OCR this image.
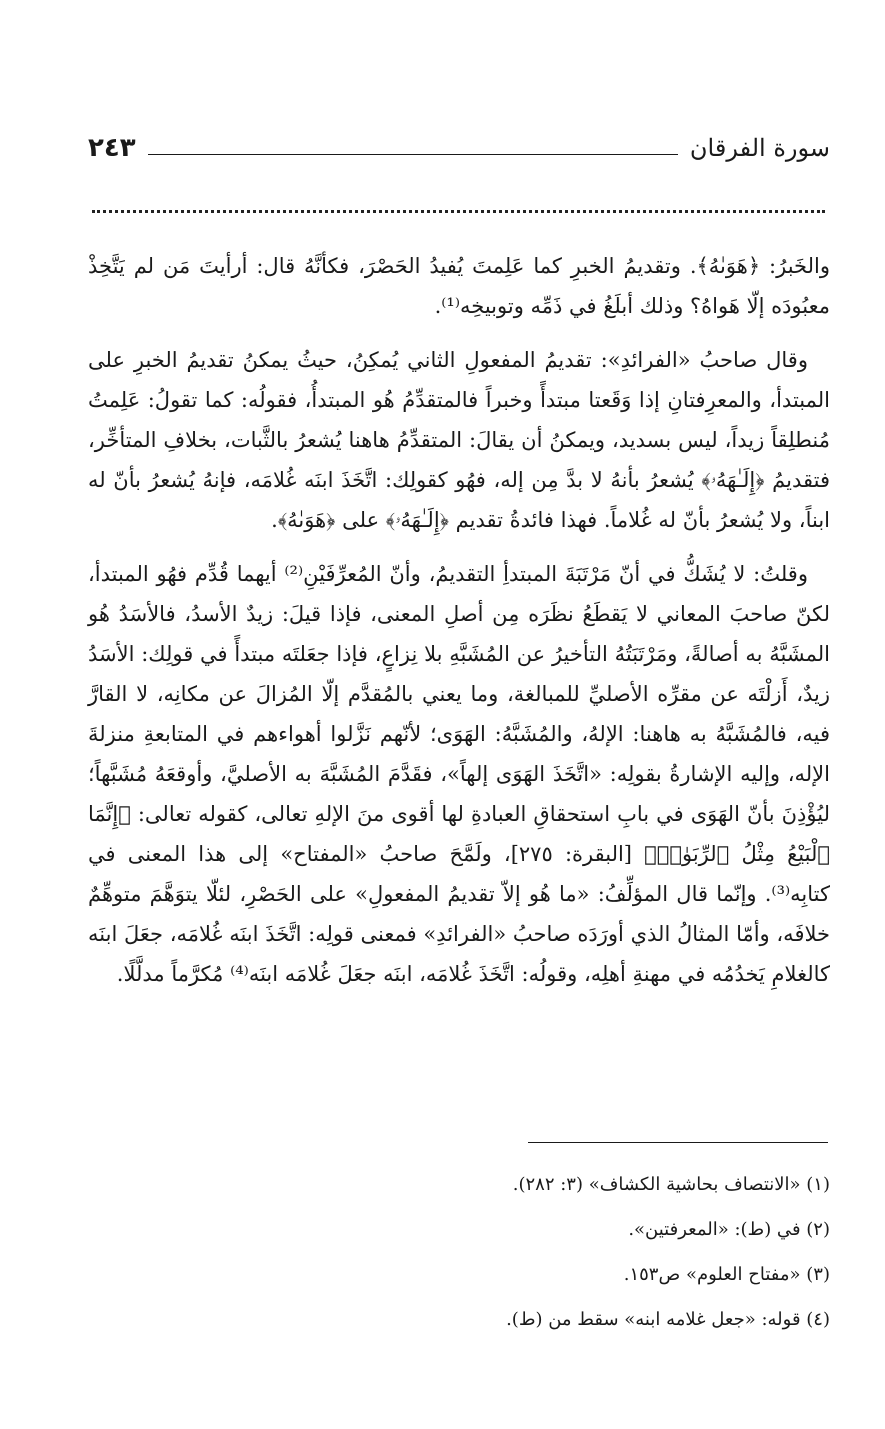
سورة الفرقان
٢٤٣

والخَبرُ: ﴿هَوَىٰهُ﴾. وتقديمُ الخبرِ كما عَلِمتَ يُفيدُ الحَصْرَ، فكأنَّهُ قال: أرأيتَ مَن لم يَتَّخِذْ معبُودَه إلّا هَواهُ؟ وذلك أبلَغُ في ذَمِّه وتوبيخِه⁽¹⁾.

وقال صاحبُ «الفرائدِ»: تقديمُ المفعولِ الثاني يُمكِنُ، حيثُ يمكنُ تقديمُ الخبرِ على المبتدأ، والمعرِفتانِ إذا وَقَعتا مبتدأً وخبراً فالمتقدِّمُ هُو المبتدأُ، فقولُه: كما تقولُ: عَلِمتُ مُنطلِقاً زيداً، ليس بسديد، ويمكنُ أن يقالَ: المتقدِّمُ هاهنا يُشعرُ بالثَّبات، بخلافِ المتأخِّر، فتقديمُ ﴿إِلَـٰهَهُۥ﴾ يُشعرُ بأنهُ لا بدَّ مِن إله، فهُو كقولِك: اتَّخَذَ ابنَه غُلامَه، فإنهُ يُشعرُ بأنّ له ابناً، ولا يُشعرُ بأنّ له غُلاماً. فهذا فائدةُ تقديم ﴿إِلَـٰهَهُۥ﴾ على ﴿هَوَىٰهُ﴾.

وقلتُ: لا يُشَكُّ في أنّ مَرْتَبَةَ المبتدأِ التقديمُ، وأنّ المُعرِّفَيْنِ⁽²⁾ أيهما قُدِّم فهُو المبتدأ، لكنّ صاحبَ المعاني لا يَقطَعُ نظَرَه مِن أصلِ المعنى، فإذا قيلَ: زيدٌ الأسدُ، فالأسَدُ هُو المشَبَّهُ به أصالةً، ومَرْتَبَتُهُ التأخيرُ عن المُشَبَّهِ بلا نِزاعٍ، فإذا جعَلتَه مبتدأً في قولِك: الأسَدُ زيدٌ، أَزلْتَه عن مقرِّه الأصليِّ للمبالغة، وما يعني بالمُقدَّم إلّا المُزالَ عن مكانِه، لا القارَّ فيه، فالمُشَبَّهُ به هاهنا: الإلهُ، والمُشَبَّهُ: الهَوَى؛ لأنّهم نَزَّلوا أهواءهم في المتابعةِ منزلةَ الإله، وإليه الإشارةُ بقولِه: «اتَّخَذَ الهَوَى إلهاً»، فقَدَّمَ المُشَبَّهَ به الأصليَّ، وأوقعَهُ مُشَبَّهاً؛ ليُؤْذِنَ بأنّ الهَوَى في بابِ استحقاقِ العبادةِ لها أقوى منَ الإلهِ تعالى، كقوله تعالى: ﴿إِنَّمَا ٱلْبَيْعُ مِثْلُ ٱلرِّبَوٰا۟﴾ [البقرة: ٢٧٥]، ولَمَّحَ صاحبُ «المفتاح» إلى هذا المعنى في كتابِه⁽³⁾. وإنّما قال المؤلِّفُ: «ما هُو إلاّ تقديمُ المفعولِ» على الحَصْرِ، لئلّا يتوَهَّمَ متوهِّمٌ خلافَه، وأمّا المثالُ الذي أورَدَه صاحبُ «الفرائدِ» فمعنى قولِه: اتَّخَذَ ابنَه غُلامَه، جعَلَ ابنَه كالغلامِ يَخدُمُه في مهنةِ أهلِه، وقولُه: اتَّخَذَ غُلامَه، ابنَه جعَلَ غُلامَه ابنَه⁽⁴⁾ مُكرَّماً مدلَّلًا.

(١) «الانتصاف بحاشية الكشاف» (٣: ٢٨٢).
(٢) في (ط): «المعرفتين».
(٣) «مفتاح العلوم» ص١٥٣.
(٤) قوله: «جعل غلامه ابنه» سقط من (ط).
